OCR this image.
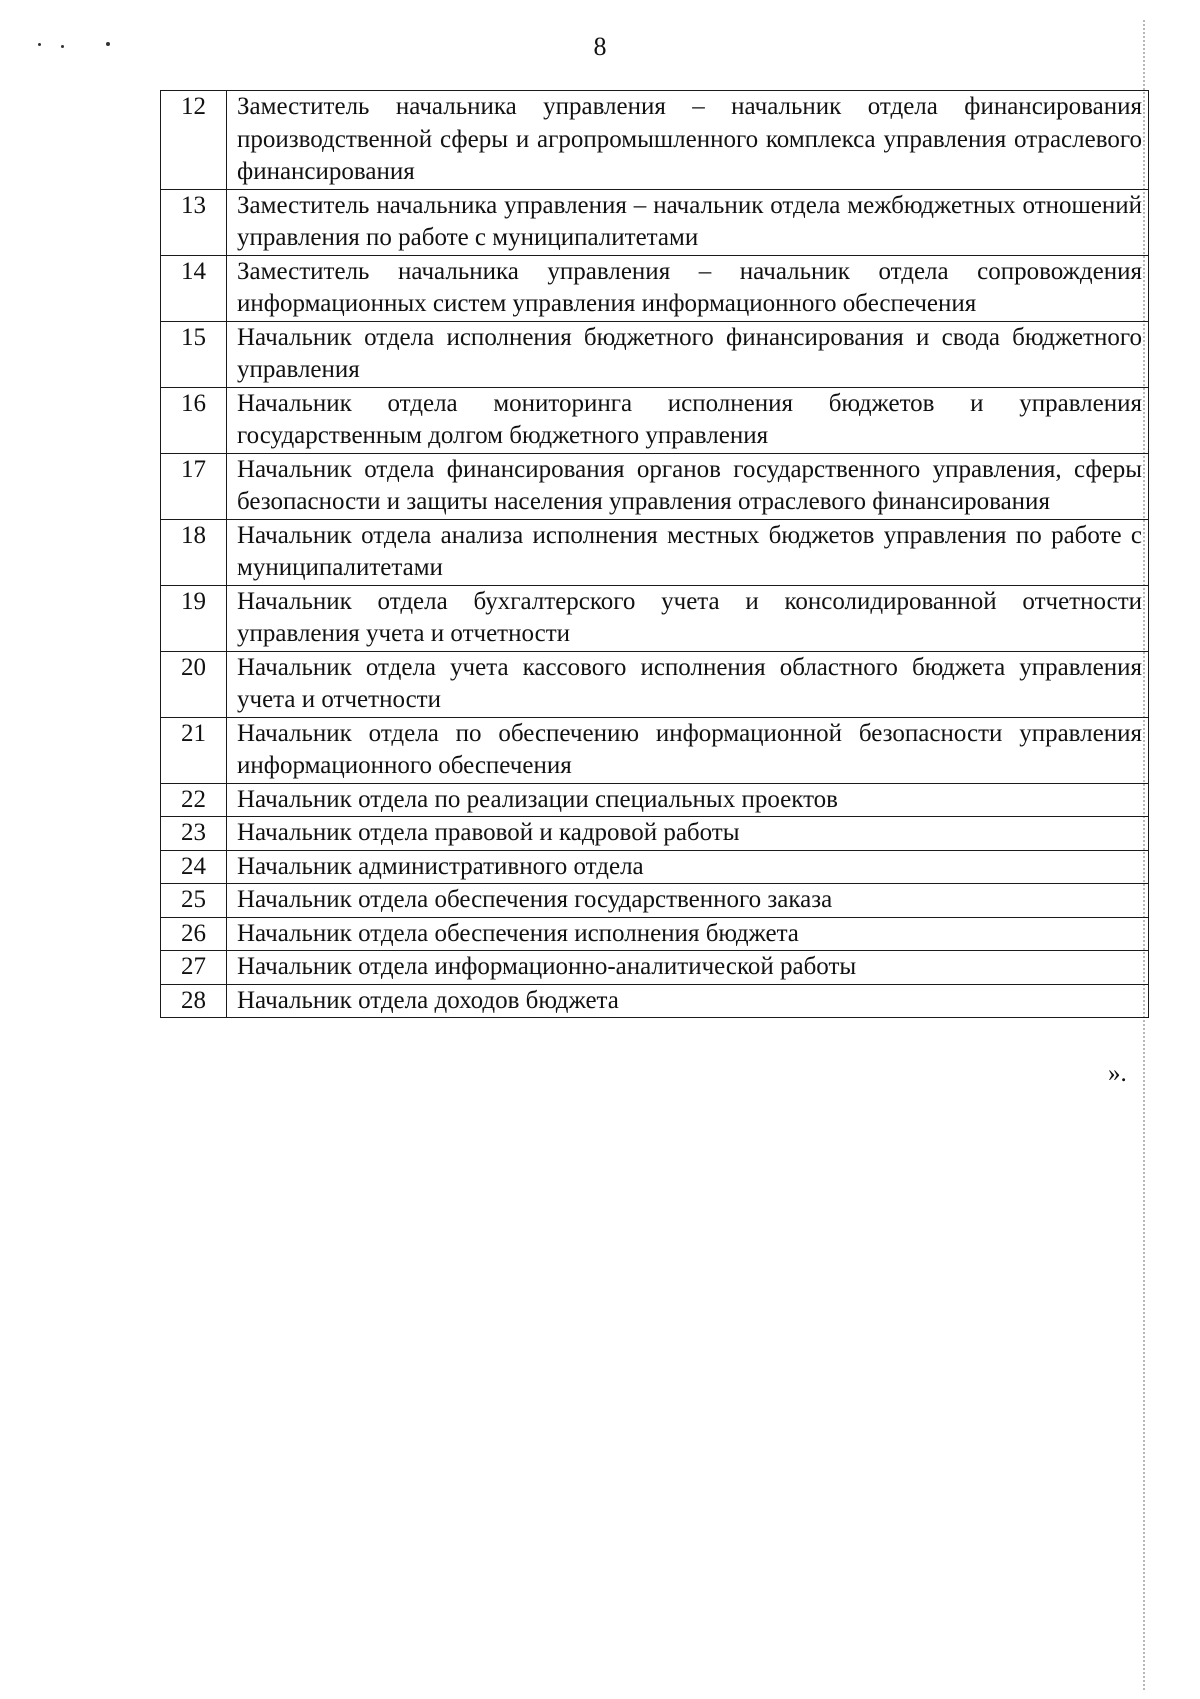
8
12	Заместитель начальника управления – начальник отдела финансирования производственной сферы и агропромышленного комплекса управления отраслевого финансирования
13	Заместитель начальника управления – начальник отдела межбюджетных отношений управления по работе с муниципалитетами
14	Заместитель начальника управления – начальник отдела сопровождения информационных систем управления информационного обеспечения
15	Начальник отдела исполнения бюджетного финансирования и свода бюджетного управления
16	Начальник отдела мониторинга исполнения бюджетов и управления государственным долгом бюджетного управления
17	Начальник отдела финансирования органов государственного управления, сферы безопасности и защиты населения управления отраслевого финансирования
18	Начальник отдела анализа исполнения местных бюджетов управления по работе с муниципалитетами
19	Начальник отдела бухгалтерского учета и консолидированной отчетности управления учета и отчетности
20	Начальник отдела учета кассового исполнения областного бюджета управления учета и отчетности
21	Начальник отдела по обеспечению информационной безопасности управления информационного обеспечения
22	Начальник отдела по реализации специальных проектов
23	Начальник отдела правовой и кадровой работы
24	Начальник административного отдела
25	Начальник отдела обеспечения государственного заказа
26	Начальник отдела обеспечения исполнения бюджета
27	Начальник отдела информационно-аналитической работы
28	Начальник отдела доходов бюджета
».
